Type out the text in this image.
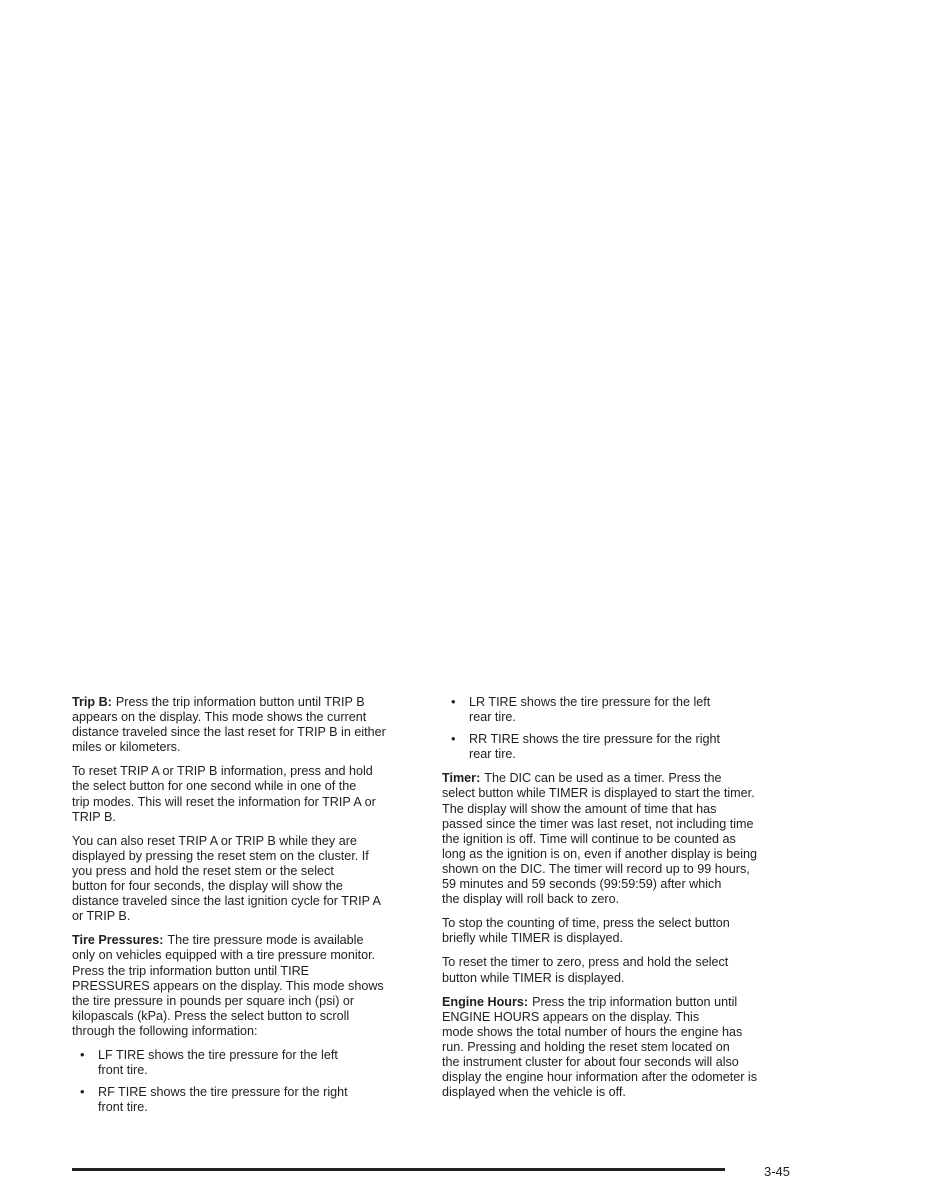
Trip B: Press the trip information button until TRIP B
appears on the display. This mode shows the current
distance traveled since the last reset for TRIP B in either
miles or kilometers.

To reset TRIP A or TRIP B information, press and hold
the select button for one second while in one of the
trip modes. This will reset the information for TRIP A or
TRIP B.

You can also reset TRIP A or TRIP B while they are
displayed by pressing the reset stem on the cluster. If
you press and hold the reset stem or the select
button for four seconds, the display will show the
distance traveled since the last ignition cycle for TRIP A
or TRIP B.

Tire Pressures: The tire pressure mode is available
only on vehicles equipped with a tire pressure monitor.
Press the trip information button until TIRE
PRESSURES appears on the display. This mode shows
the tire pressure in pounds per square inch (psi) or
kilopascals (kPa). Press the select button to scroll
through the following information:

• LF TIRE shows the tire pressure for the left
front tire.
• RF TIRE shows the tire pressure for the right
front tire.
• LR TIRE shows the tire pressure for the left
rear tire.
• RR TIRE shows the tire pressure for the right
rear tire.

Timer: The DIC can be used as a timer. Press the
select button while TIMER is displayed to start the timer.
The display will show the amount of time that has
passed since the timer was last reset, not including time
the ignition is off. Time will continue to be counted as
long as the ignition is on, even if another display is being
shown on the DIC. The timer will record up to 99 hours,
59 minutes and 59 seconds (99:59:59) after which
the display will roll back to zero.

To stop the counting of time, press the select button
briefly while TIMER is displayed.

To reset the timer to zero, press and hold the select
button while TIMER is displayed.

Engine Hours: Press the trip information button until
ENGINE HOURS appears on the display. This
mode shows the total number of hours the engine has
run. Pressing and holding the reset stem located on
the instrument cluster for about four seconds will also
display the engine hour information after the odometer is
displayed when the vehicle is off.

3-45
